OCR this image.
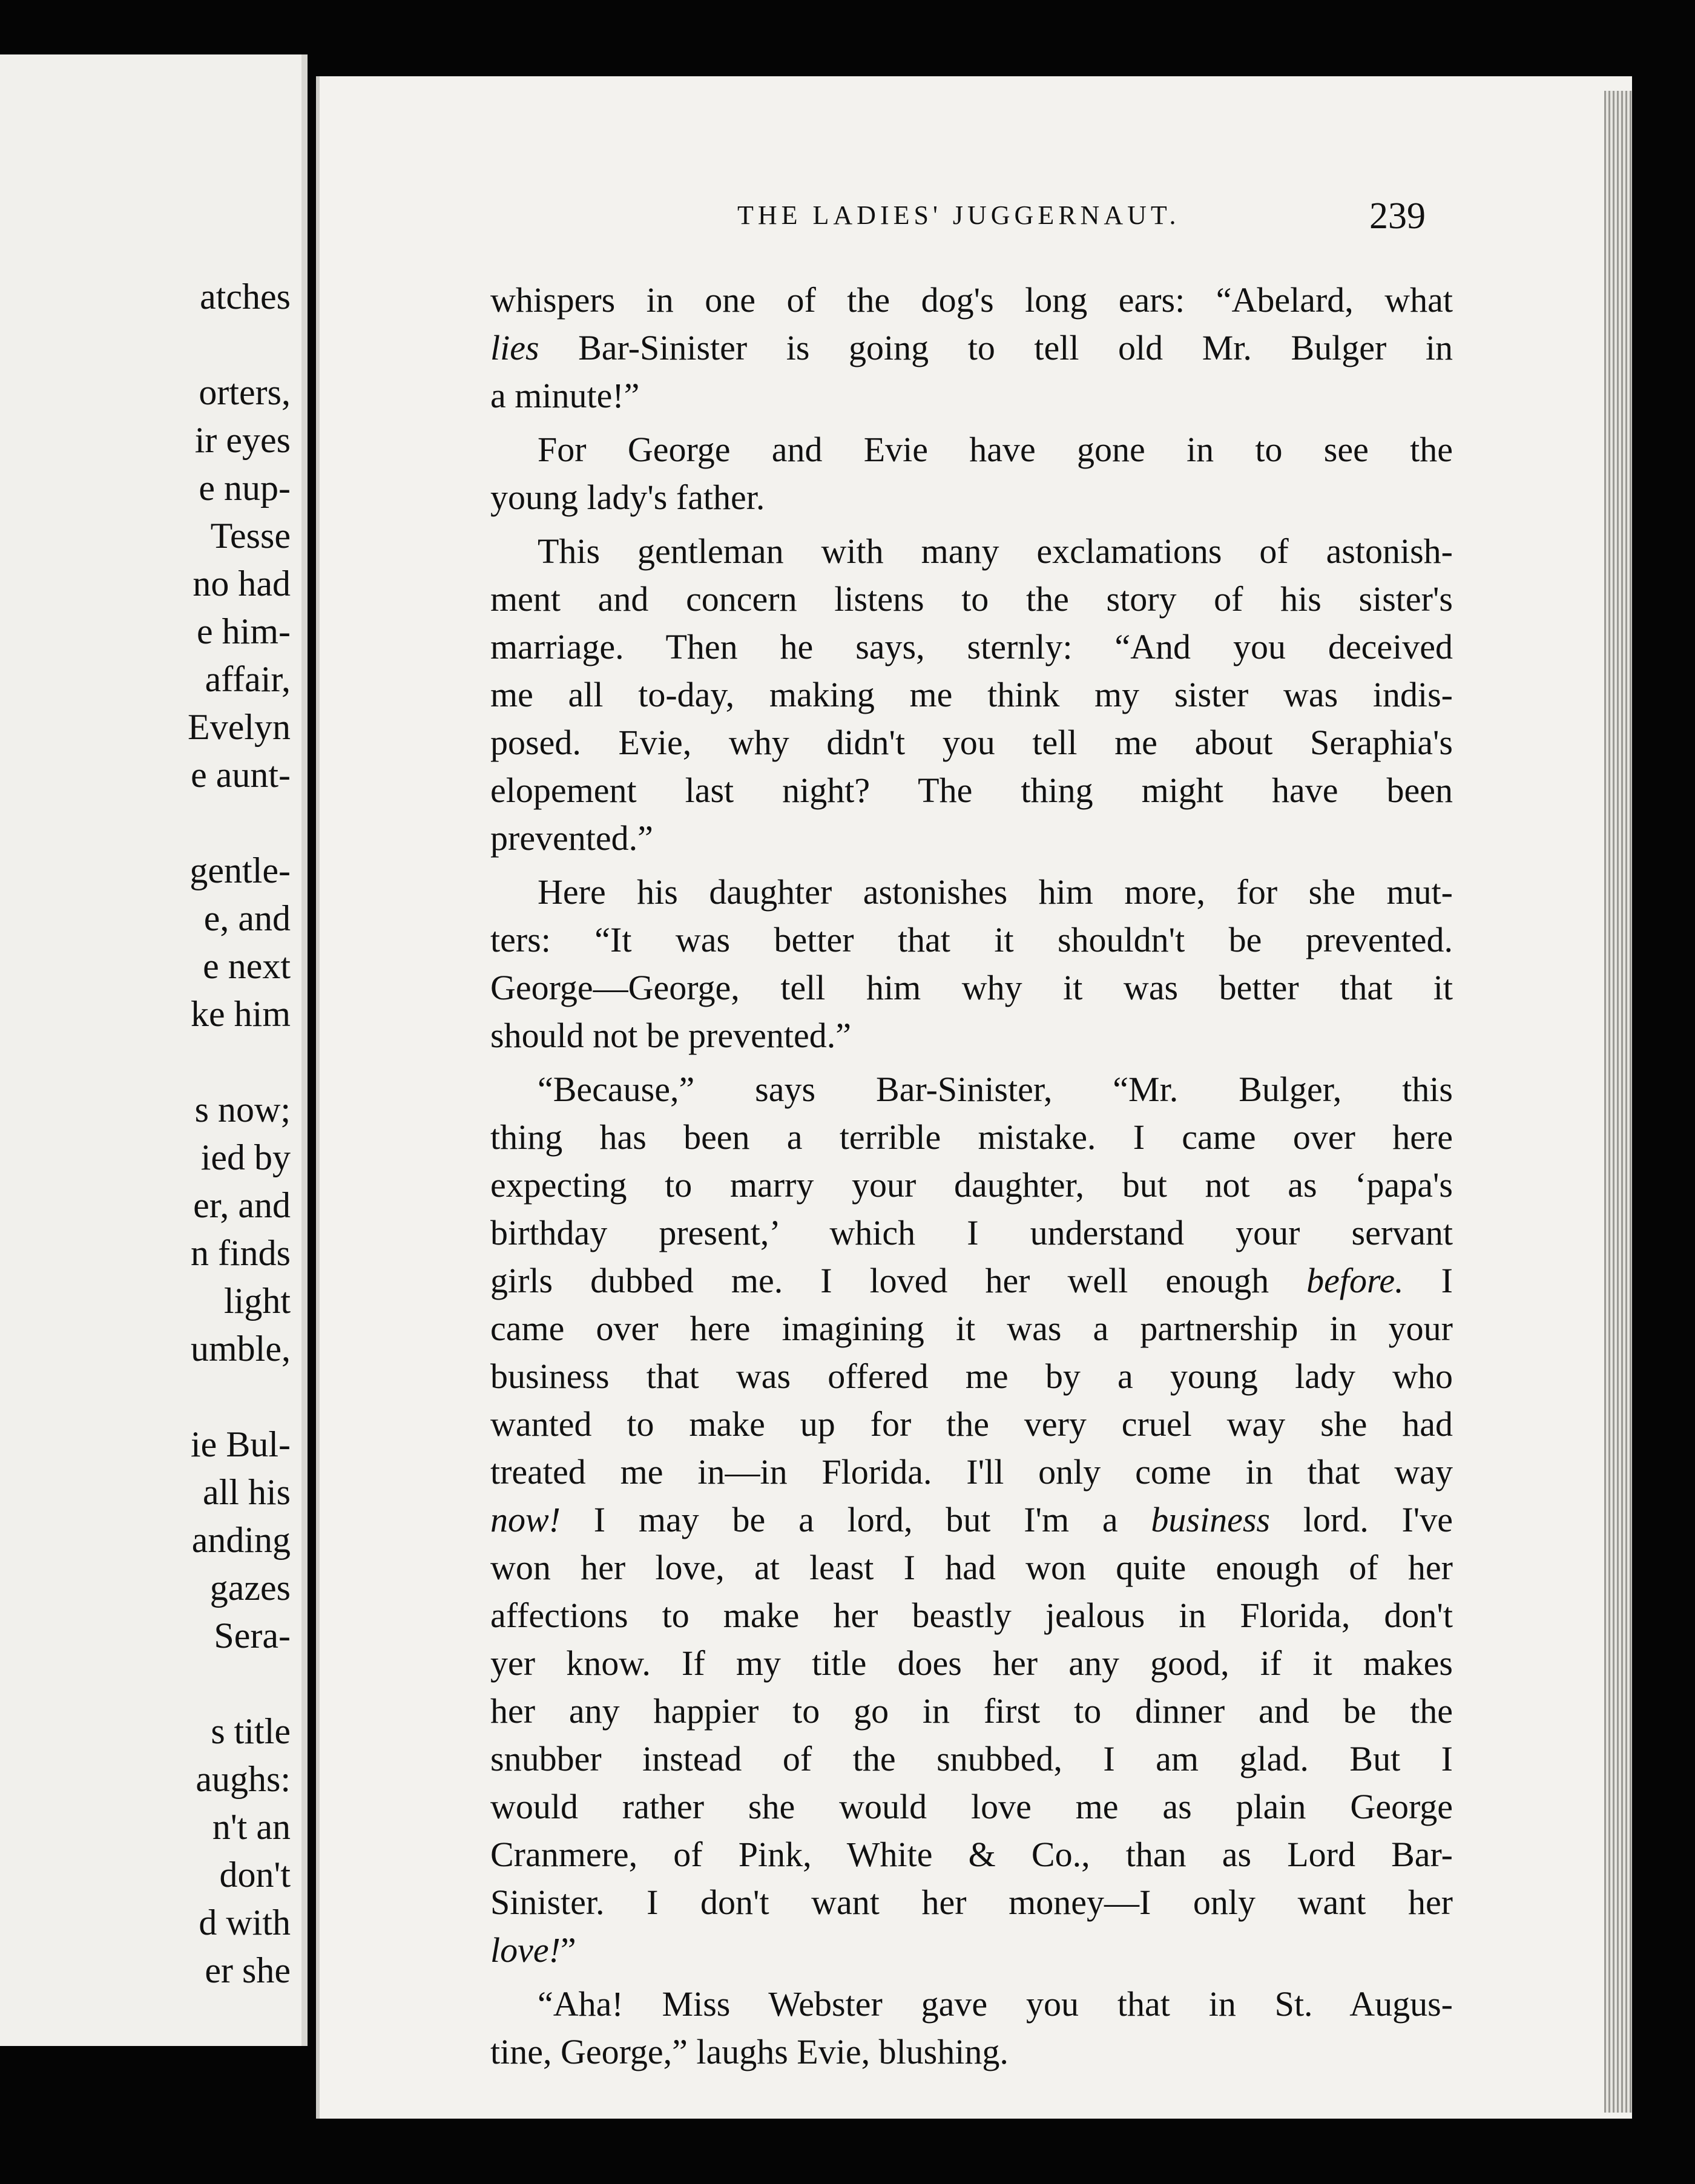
atches
orters,
ir eyes
e nup-
Tesse
no had
e him-
affair,
Evelyn
e aunt-
gentle-
e, and
e next
ke him
s now;
ied by
er, and
n finds
light
umble,
ie Bul-
all his
anding
gazes
Sera-
s title
aughs:
n't an
don't
d with
er she
THE LADIES' JUGGERNAUT.	239
whispers in one of the dog's long ears: “Abelard, what
lies Bar-Sinister is going to tell old Mr. Bulger in
a minute!”
For George and Evie have gone in to see the
young lady's father.
This gentleman with many exclamations of astonish-
ment and concern listens to the story of his sister's
marriage. Then he says, sternly: “And you deceived
me all to-day, making me think my sister was indis-
posed. Evie, why didn't you tell me about Seraphia's
elopement last night? The thing might have been
prevented.”
Here his daughter astonishes him more, for she mut-
ters: “It was better that it shouldn't be prevented.
George—George, tell him why it was better that it
should not be prevented.”
“Because,” says Bar-Sinister, “Mr. Bulger, this
thing has been a terrible mistake. I came over here
expecting to marry your daughter, but not as ‘papa's
birthday present,’ which I understand your servant
girls dubbed me. I loved her well enough before. I
came over here imagining it was a partnership in your
business that was offered me by a young lady who
wanted to make up for the very cruel way she had
treated me in—in Florida. I'll only come in that way
now! I may be a lord, but I'm a business lord. I've
won her love, at least I had won quite enough of her
affections to make her beastly jealous in Florida, don't
yer know. If my title does her any good, if it makes
her any happier to go in first to dinner and be the
snubber instead of the snubbed, I am glad. But I
would rather she would love me as plain George
Cranmere, of Pink, White & Co., than as Lord Bar-
Sinister. I don't want her money—I only want her
love!”
“Aha! Miss Webster gave you that in St. Augus-
tine, George,” laughs Evie, blushing.
